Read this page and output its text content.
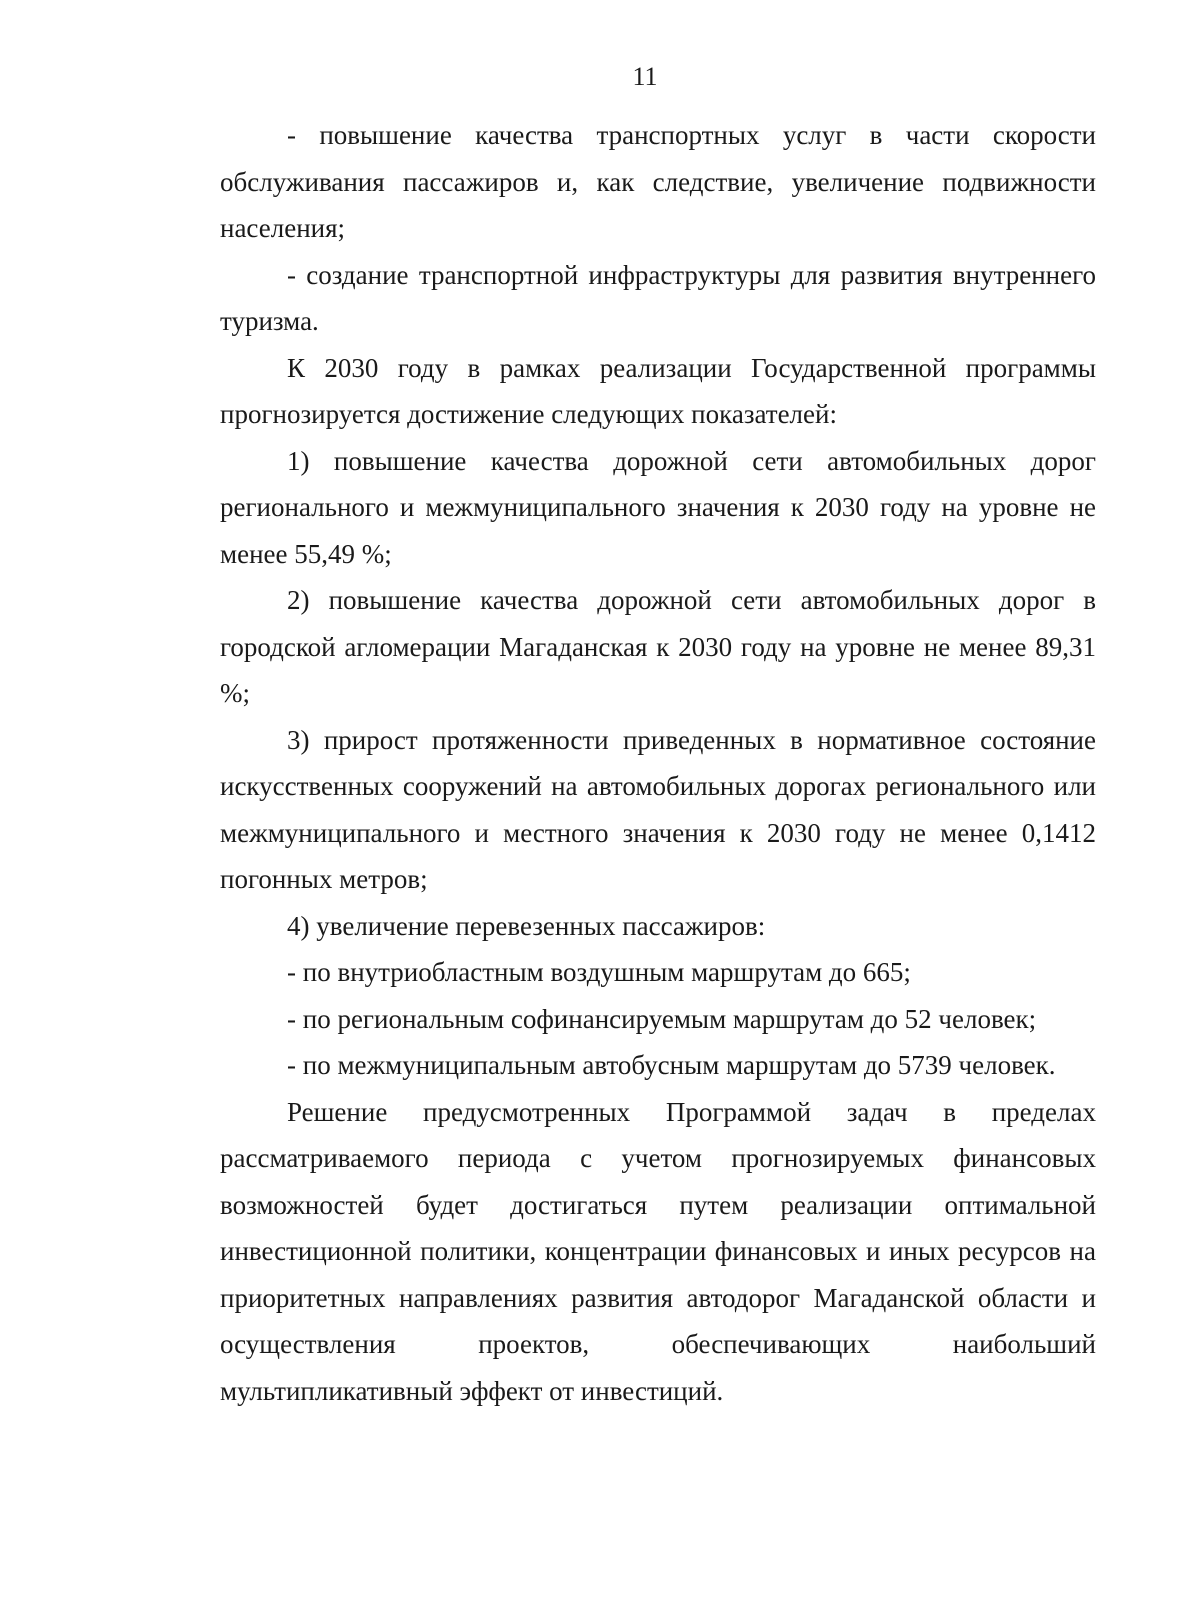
11

- повышение качества транспортных услуг в части скорости обслуживания пассажиров и, как следствие, увеличение подвижности населения;

- создание транспортной инфраструктуры для развития внутреннего туризма.

К 2030 году в рамках реализации Государственной программы прогнозируется достижение следующих показателей:

1) повышение качества дорожной сети автомобильных дорог регионального и межмуниципального значения к 2030 году на уровне не менее 55,49 %;

2) повышение качества дорожной сети автомобильных дорог в городской агломерации Магаданская к 2030 году на уровне не менее 89,31 %;

3) прирост протяженности приведенных в нормативное состояние искусственных сооружений на автомобильных дорогах регионального или межмуниципального и местного значения к 2030 году не менее 0,1412 погонных метров;

4) увеличение перевезенных пассажиров:

- по внутриобластным воздушным маршрутам до 665;

- по региональным софинансируемым маршрутам до 52 человек;

- по межмуниципальным автобусным маршрутам до 5739 человек.

Решение предусмотренных Программой задач в пределах рассматриваемого периода с учетом прогнозируемых финансовых возможностей будет достигаться путем реализации оптимальной инвестиционной политики, концентрации финансовых и иных ресурсов на приоритетных направлениях развития автодорог Магаданской области и осуществления проектов, обеспечивающих наибольший мультипликативный эффект от инвестиций.
